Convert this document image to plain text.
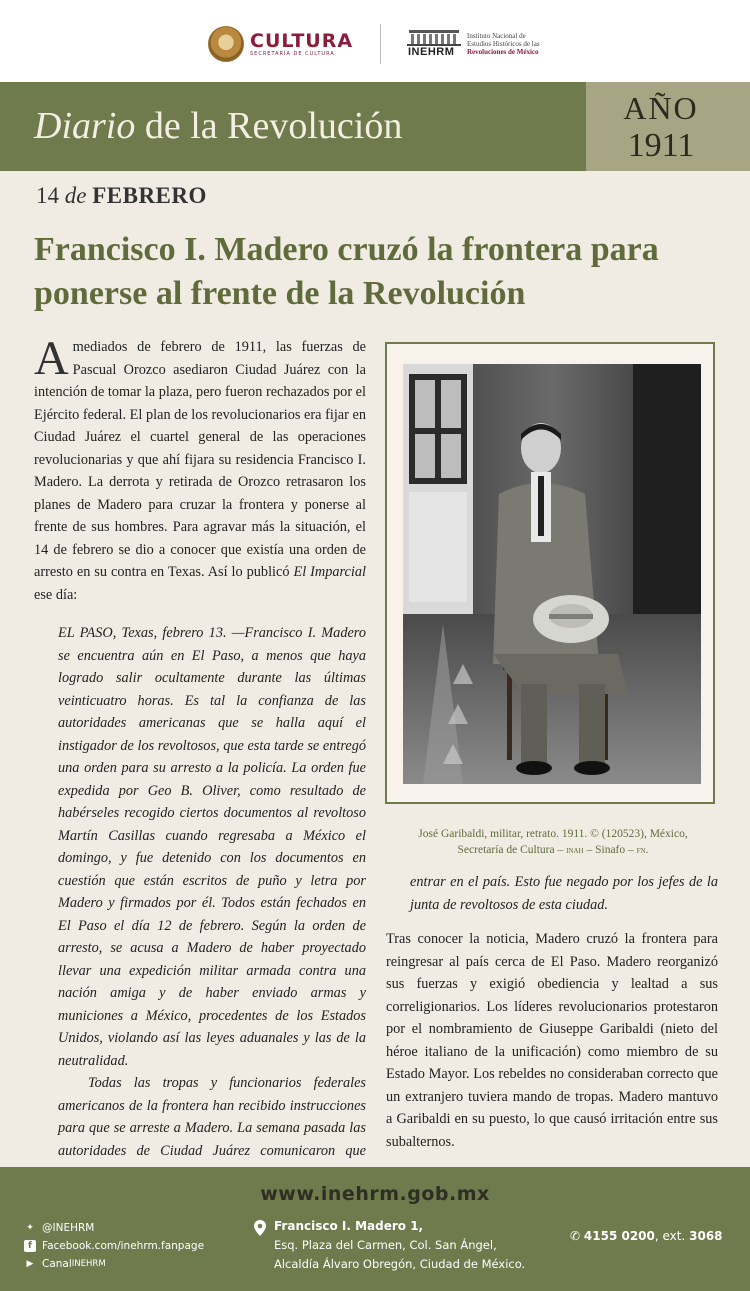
CULTURA
SECRETARÍA DE CULTURA
Instituto Nacional de
Estudios Históricos de las
Revoluciones de México
INEHRM
Diario de la Revolución	AÑO
1911
14 de FEBRERO
Francisco I. Madero cruzó la frontera para ponerse al frente de la Revolución

A mediados de febrero de 1911, las fuerzas de Pascual Orozco asediaron Ciudad Juárez con la intención de tomar la plaza, pero fueron rechazados por el Ejército federal. El plan de los revolucionarios era fijar en Ciudad Juárez el cuartel general de las operaciones revolucionarias y que ahí fijara su residencia Francisco I. Madero. La derrota y retirada de Orozco retrasaron los planes de Madero para cruzar la frontera y ponerse al frente de sus hombres. Para agravar más la situación, el 14 de febrero se dio a conocer que existía una orden de arresto en su contra en Texas. Así lo publicó El Imparcial ese día:

EL PASO, Texas, febrero 13. —Francisco I. Madero se encuentra aún en El Paso, a menos que haya logrado salir ocultamente durante las últimas veinticuatro horas. Es tal la confianza de las autoridades americanas que se halla aquí el instigador de los revoltosos, que esta tarde se entregó una orden para su arresto a la policía. La orden fue expedida por Geo B. Oliver, como resultado de habérseles recogido ciertos documentos al revoltoso Martín Casillas cuando regresaba a México el domingo, y fue detenido con los documentos en cuestión que están escritos de puño y letra por Madero y firmados por él. Todos están fechados en El Paso el día 12 de febrero. Según la orden de arresto, se acusa a Madero de haber proyectado llevar una expedición militar armada contra una nación amiga y de haber enviado armas y municiones a México, procedentes de los Estados Unidos, violando así las leyes aduanales y las de la neutralidad.

Todas las tropas y funcionarios federales americanos de la frontera han recibido instrucciones para que se arreste a Madero. La semana pasada las autoridades de Ciudad Juárez comunicaron que

José Garibaldi, militar, retrato. 1911. © (120523), México, Secretaría de Cultura – inah – Sinafo – fn.

entrar en el país. Esto fue negado por los jefes de la junta de revoltosos de esta ciudad.

Tras conocer la noticia, Madero cruzó la frontera para reingresar al país cerca de El Paso. Madero reorganizó sus fuerzas y exigió obediencia y lealtad a sus correligionarios. Los líderes revolucionarios protestaron por el nombramiento de Giuseppe Garibaldi (nieto del héroe italiano de la unificación) como miembro de su Estado Mayor. Los rebeldes no consideraban correcto que un extranjero tuviera mando de tropas. Madero mantuvo a Garibaldi en su puesto, lo que causó irritación entre sus subalternos.

www.inehrm.gob.mx
✦ @INEHRM
f Facebook.com/inehrm.fanpage
▶ Canal INEHRM
Francisco I. Madero 1,
Esq. Plaza del Carmen, Col. San Ángel,
Alcaldía Álvaro Obregón, Ciudad de México.
✆ 4155 0200, ext. 3068
